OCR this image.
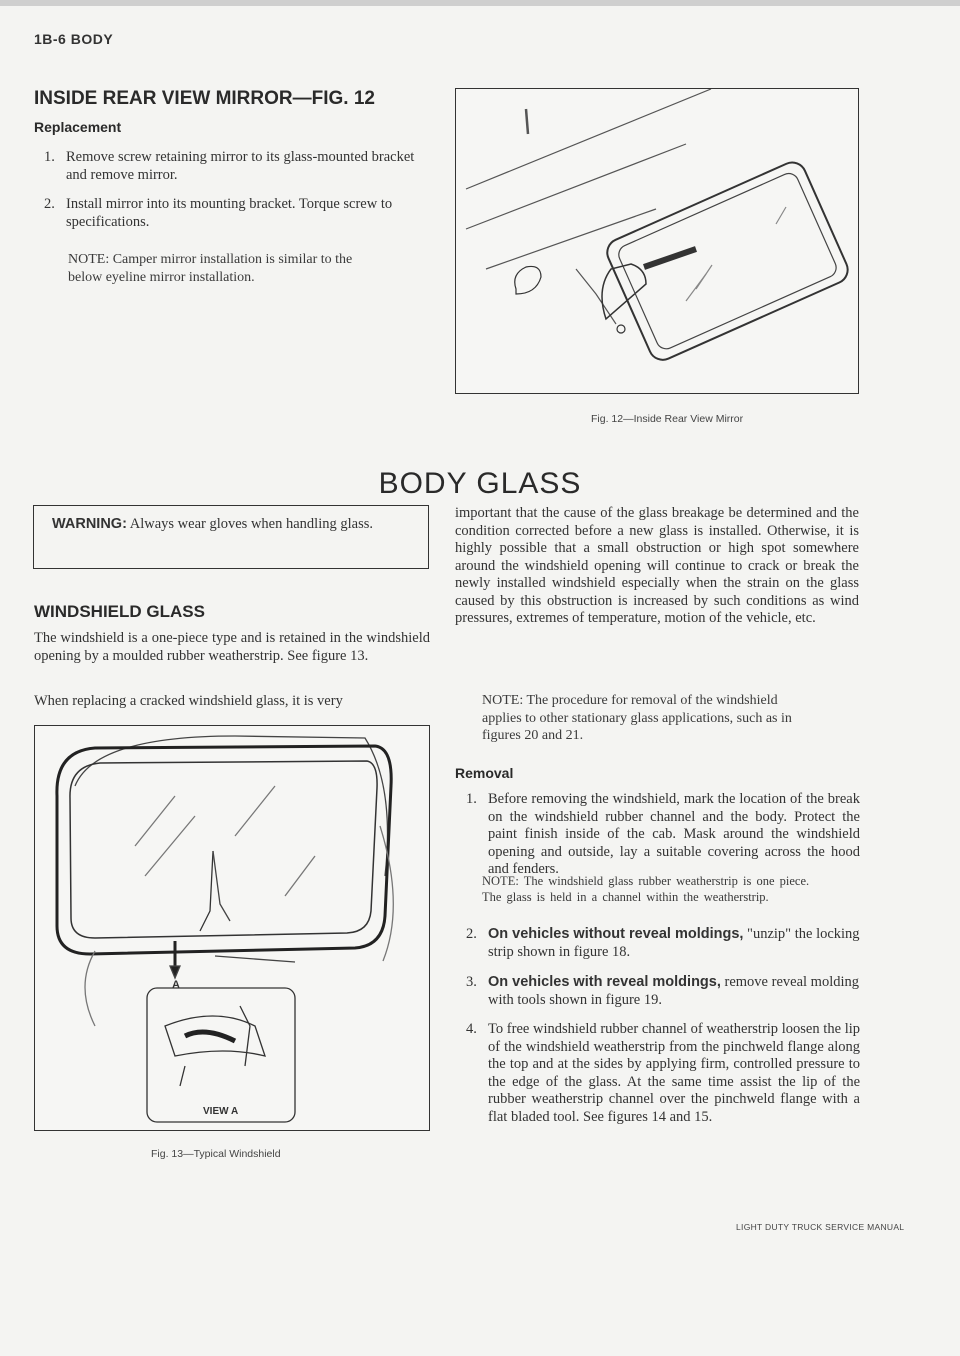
1B-6 BODY
INSIDE REAR VIEW MIRROR—FIG. 12
Replacement
1. Remove screw retaining mirror to its glass-mounted bracket and remove mirror.
2. Install mirror into its mounting bracket. Torque screw to specifications.
NOTE: Camper mirror installation is similar to the below eyeline mirror installation.
Fig. 12—Inside Rear View Mirror
BODY GLASS
WARNING: Always wear gloves when handling glass.
WINDSHIELD GLASS
The windshield is a one-piece type and is retained in the windshield opening by a moulded rubber weatherstrip. See figure 13.
When replacing a cracked windshield glass, it is very
A
VIEW A
Fig. 13—Typical Windshield
important that the cause of the glass breakage be determined and the condition corrected before a new glass is installed. Otherwise, it is highly possible that a small obstruction or high spot somewhere around the windshield opening will continue to crack or break the newly installed windshield especially when the strain on the glass caused by this obstruction is increased by such conditions as wind pressures, extremes of temperature, motion of the vehicle, etc.
NOTE: The procedure for removal of the windshield applies to other stationary glass applications, such as in figures 20 and 21.
Removal
1. Before removing the windshield, mark the location of the break on the windshield rubber channel and the body. Protect the paint finish inside of the cab. Mask around the windshield opening and outside, lay a suitable covering across the hood and fenders.
NOTE: The windshield glass rubber weatherstrip is one piece. The glass is held in a channel within the weatherstrip.
2. On vehicles without reveal moldings, "unzip" the locking strip shown in figure 18.
3. On vehicles with reveal moldings, remove reveal molding with tools shown in figure 19.
4. To free windshield rubber channel of weatherstrip loosen the lip of the windshield weatherstrip from the pinchweld flange along the top and at the sides by applying firm, controlled pressure to the edge of the glass. At the same time assist the lip of the rubber weatherstrip channel over the pinchweld flange with a flat bladed tool. See figures 14 and 15.
LIGHT DUTY TRUCK SERVICE MANUAL
